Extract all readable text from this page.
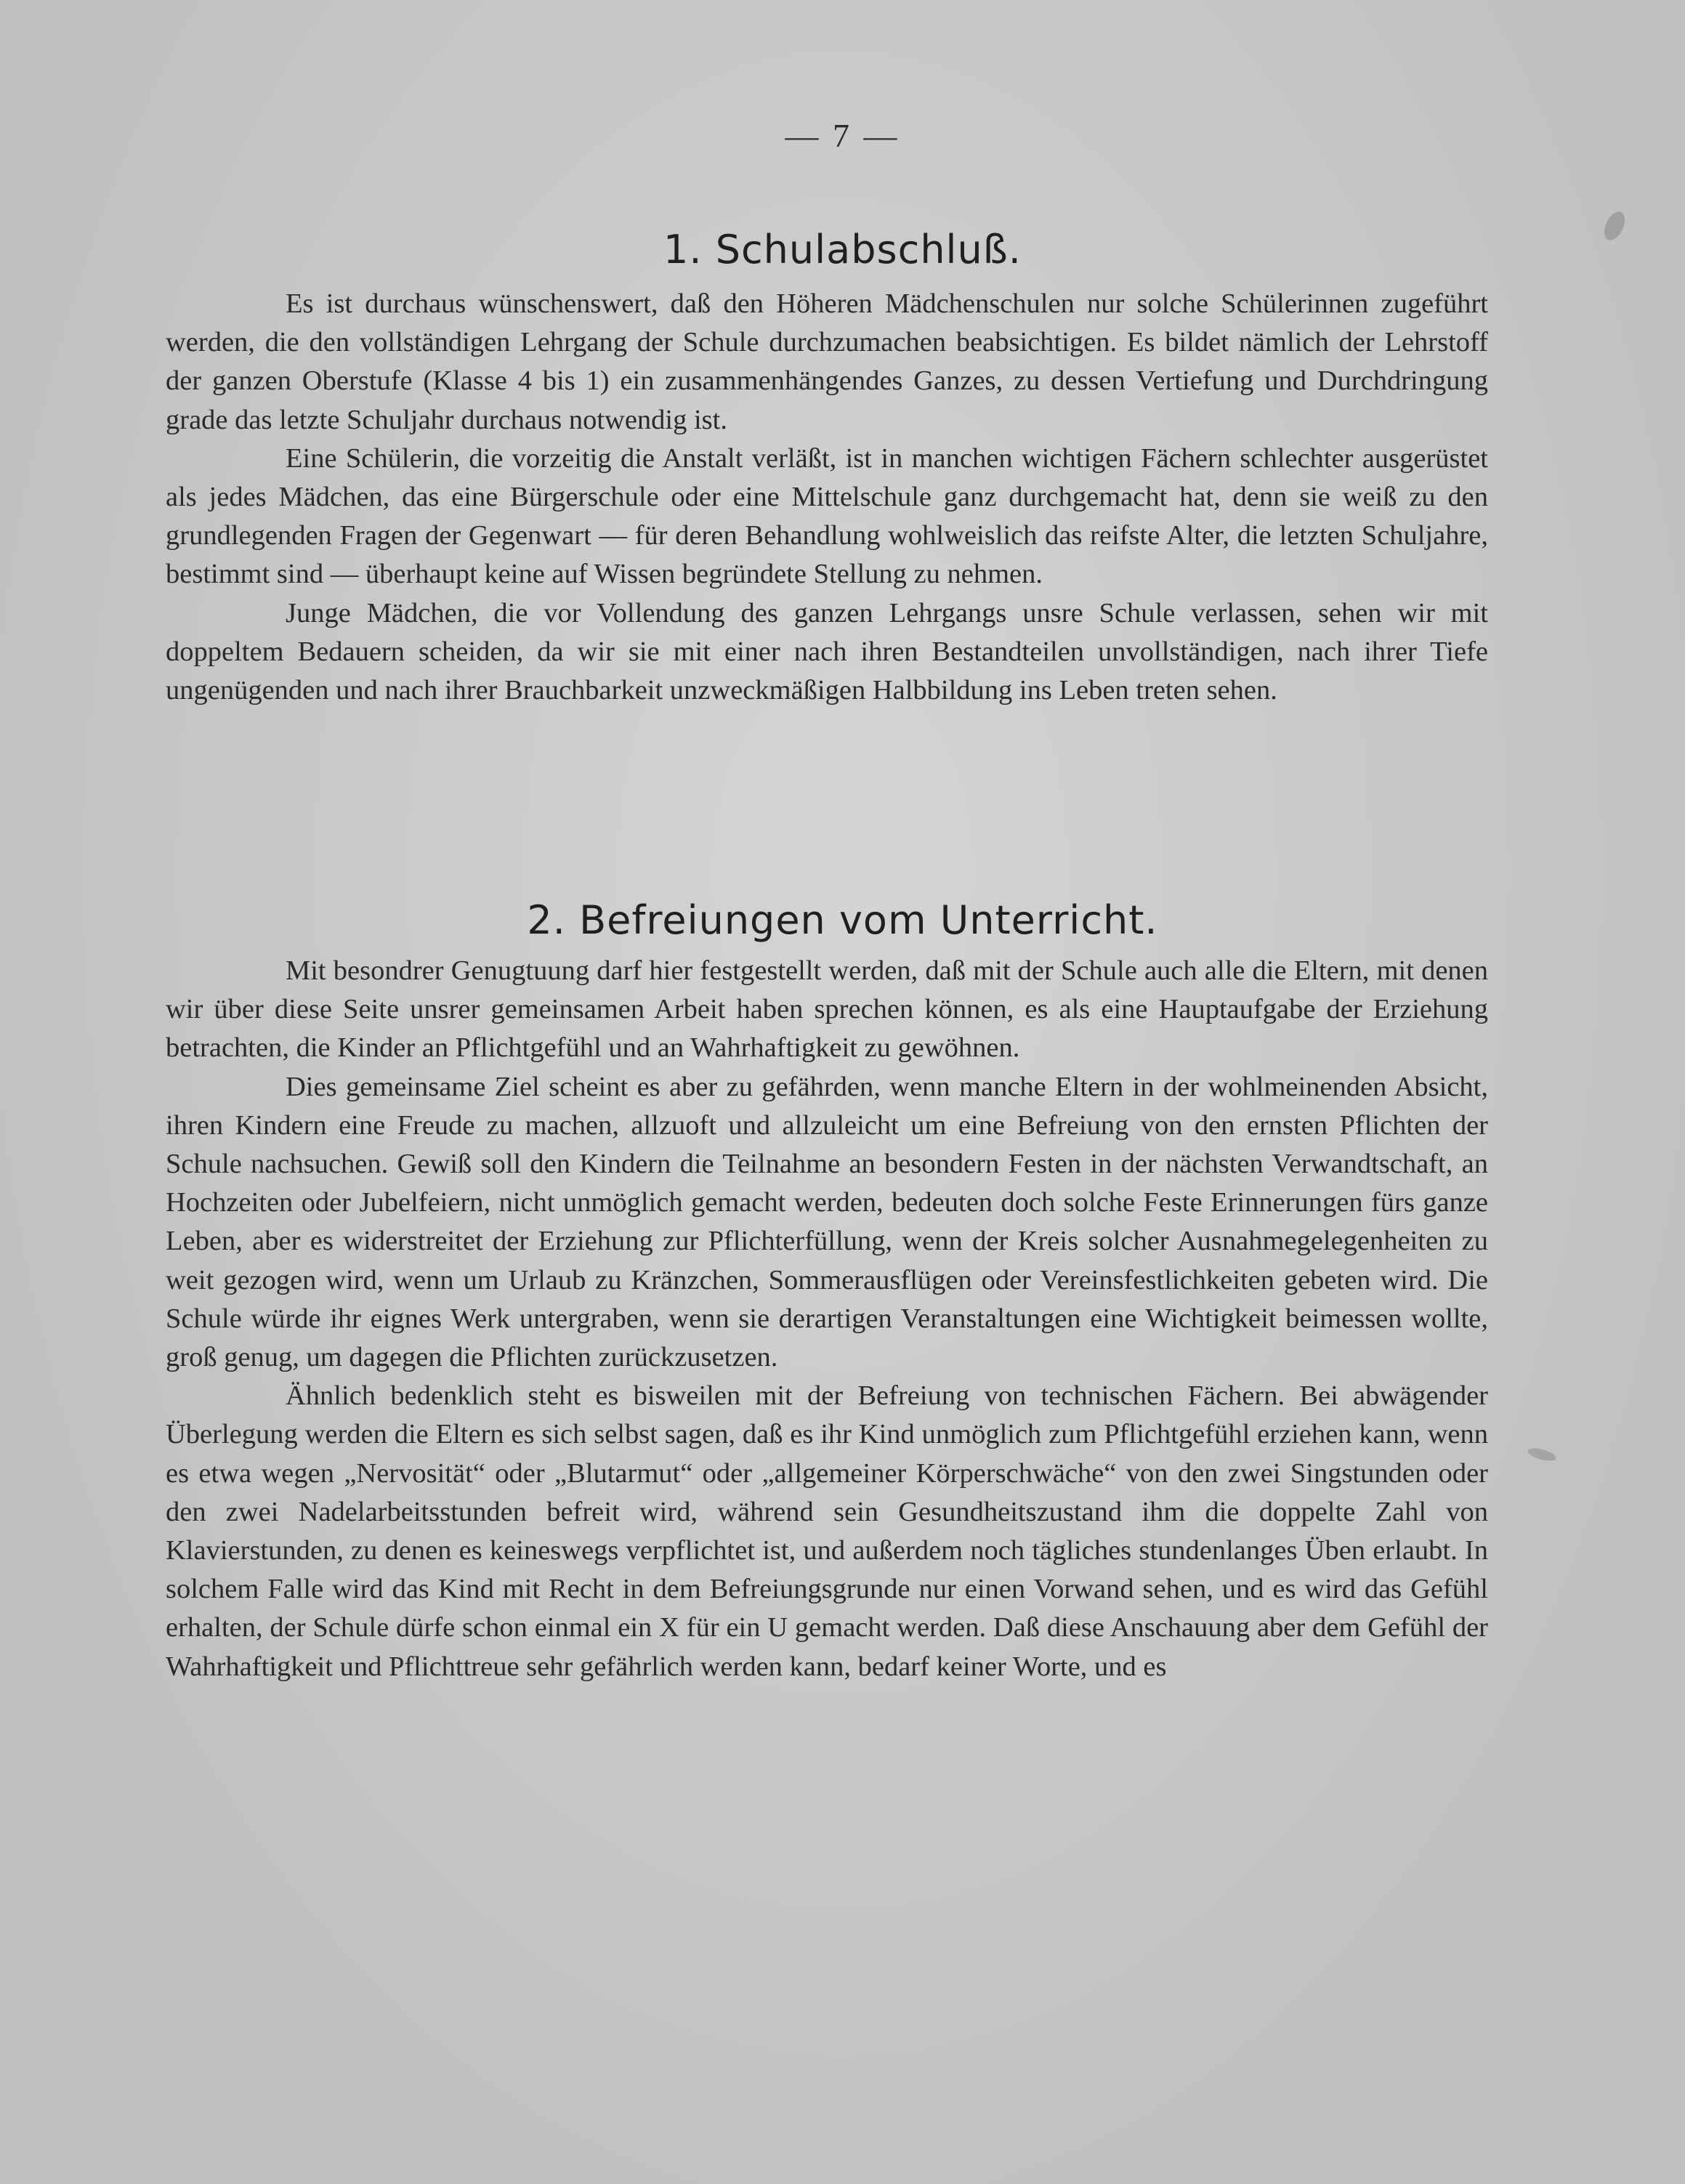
— 7 —
1. Schulabschluß.

Es ist durchaus wünschenswert, daß den Höheren Mädchenschulen nur solche Schülerinnen zugeführt werden, die den vollständigen Lehrgang der Schule durchzumachen beabsichtigen. Es bildet nämlich der Lehrstoff der ganzen Oberstufe (Klasse 4 bis 1) ein zusammenhängendes Ganzes, zu dessen Vertiefung und Durchdringung grade das letzte Schuljahr durchaus notwendig ist.

Eine Schülerin, die vorzeitig die Anstalt verläßt, ist in manchen wichtigen Fächern schlechter ausgerüstet als jedes Mädchen, das eine Bürgerschule oder eine Mittelschule ganz durchgemacht hat, denn sie weiß zu den grundlegenden Fragen der Gegenwart — für deren Behandlung wohlweislich das reifste Alter, die letzten Schuljahre, bestimmt sind — überhaupt keine auf Wissen begründete Stellung zu nehmen.

Junge Mädchen, die vor Vollendung des ganzen Lehrgangs unsre Schule verlassen, sehen wir mit doppeltem Bedauern scheiden, da wir sie mit einer nach ihren Bestandteilen unvollständigen, nach ihrer Tiefe ungenügenden und nach ihrer Brauchbarkeit unzweckmäßigen Halbbildung ins Leben treten sehen.

2. Befreiungen vom Unterricht.

Mit besondrer Genugtuung darf hier festgestellt werden, daß mit der Schule auch alle die Eltern, mit denen wir über diese Seite unsrer gemeinsamen Arbeit haben sprechen können, es als eine Hauptaufgabe der Erziehung betrachten, die Kinder an Pflichtgefühl und an Wahrhaftigkeit zu gewöhnen.

Dies gemeinsame Ziel scheint es aber zu gefährden, wenn manche Eltern in der wohlmeinenden Absicht, ihren Kindern eine Freude zu machen, allzuoft und allzuleicht um eine Befreiung von den ernsten Pflichten der Schule nachsuchen. Gewiß soll den Kindern die Teilnahme an besondern Festen in der nächsten Verwandtschaft, an Hochzeiten oder Jubelfeiern, nicht unmöglich gemacht werden, bedeuten doch solche Feste Erinnerungen fürs ganze Leben, aber es widerstreitet der Erziehung zur Pflichterfüllung, wenn der Kreis solcher Ausnahmegelegenheiten zu weit gezogen wird, wenn um Urlaub zu Kränzchen, Sommerausflügen oder Vereinsfestlichkeiten gebeten wird. Die Schule würde ihr eignes Werk untergraben, wenn sie derartigen Veranstaltungen eine Wichtigkeit beimessen wollte, groß genug, um dagegen die Pflichten zurückzusetzen.

Ähnlich bedenklich steht es bisweilen mit der Befreiung von technischen Fächern. Bei abwägender Überlegung werden die Eltern es sich selbst sagen, daß es ihr Kind unmöglich zum Pflichtgefühl erziehen kann, wenn es etwa wegen „Nervosität“ oder „Blutarmut“ oder „allgemeiner Körperschwäche“ von den zwei Singstunden oder den zwei Nadelarbeitsstunden befreit wird, während sein Gesundheitszustand ihm die doppelte Zahl von Klavierstunden, zu denen es keineswegs verpflichtet ist, und außerdem noch tägliches stundenlanges Üben erlaubt. In solchem Falle wird das Kind mit Recht in dem Befreiungsgrunde nur einen Vorwand sehen, und es wird das Gefühl erhalten, der Schule dürfe schon einmal ein X für ein U gemacht werden. Daß diese Anschauung aber dem Gefühl der Wahrhaftigkeit und Pflichttreue sehr gefährlich werden kann, bedarf keiner Worte, und es
